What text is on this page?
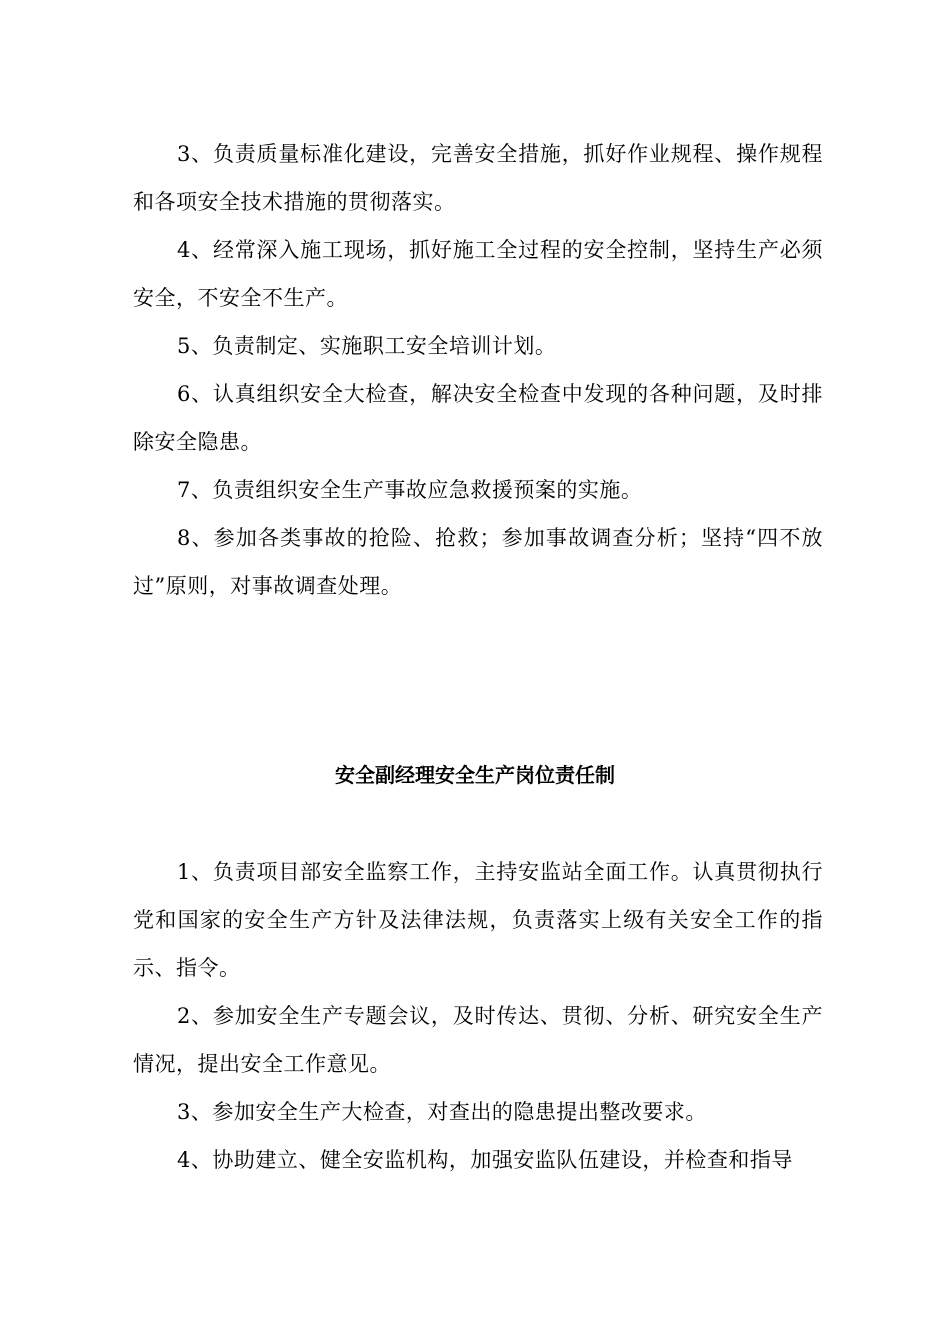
3、负责质量标准化建设，完善安全措施，抓好作业规程、操作规程和各项安全技术措施的贯彻落实。

4、经常深入施工现场，抓好施工全过程的安全控制，坚持生产必须安全，不安全不生产。

5、负责制定、实施职工安全培训计划。

6、认真组织安全大检查，解决安全检查中发现的各种问题，及时排除安全隐患。

7、负责组织安全生产事故应急救援预案的实施。

8、参加各类事故的抢险、抢救；参加事故调查分析；坚持“四不放过”原则，对事故调查处理。

安全副经理安全生产岗位责任制

1、负责项目部安全监察工作，主持安监站全面工作。认真贯彻执行党和国家的安全生产方针及法律法规，负责落实上级有关安全工作的指示、指令。

2、参加安全生产专题会议，及时传达、贯彻、分析、研究安全生产情况，提出安全工作意见。

3、参加安全生产大检查，对查出的隐患提出整改要求。

4、协助建立、健全安监机构，加强安监队伍建设，并检查和指导
